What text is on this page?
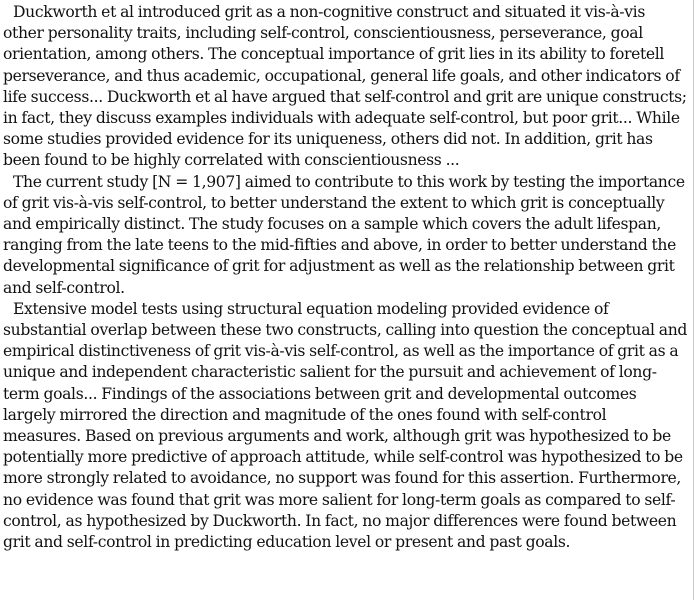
Duckworth et al introduced grit as a non-cognitive construct and situated it vis-à-vis other personality traits, including self-control, conscientiousness, perseverance, goal orientation, among others. The conceptual importance of grit lies in its ability to foretell perseverance, and thus academic, occupational, general life goals, and other indicators of life success... Duckworth et al have argued that self-control and grit are unique constructs; in fact, they discuss examples individuals with adequate self-control, but poor grit... While some studies provided evidence for its uniqueness, others did not. In addition, grit has been found to be highly correlated with conscientiousness ...

The current study [N = 1,907] aimed to contribute to this work by testing the importance of grit vis-à-vis self-control, to better understand the extent to which grit is conceptually and empirically distinct. The study focuses on a sample which covers the adult lifespan, ranging from the late teens to the mid-fifties and above, in order to better understand the developmental significance of grit for adjustment as well as the relationship between grit and self-control.

Extensive model tests using structural equation modeling provided evidence of substantial overlap between these two constructs, calling into question the conceptual and empirical distinctiveness of grit vis-à-vis self-control, as well as the importance of grit as a unique and independent characteristic salient for the pursuit and achievement of long-term goals... Findings of the associations between grit and developmental outcomes largely mirrored the direction and magnitude of the ones found with self-control measures. Based on previous arguments and work, although grit was hypothesized to be potentially more predictive of approach attitude, while self-control was hypothesized to be more strongly related to avoidance, no support was found for this assertion. Furthermore, no evidence was found that grit was more salient for long-term goals as compared to self-control, as hypothesized by Duckworth. In fact, no major differences were found between grit and self-control in predicting education level or present and past goals.
